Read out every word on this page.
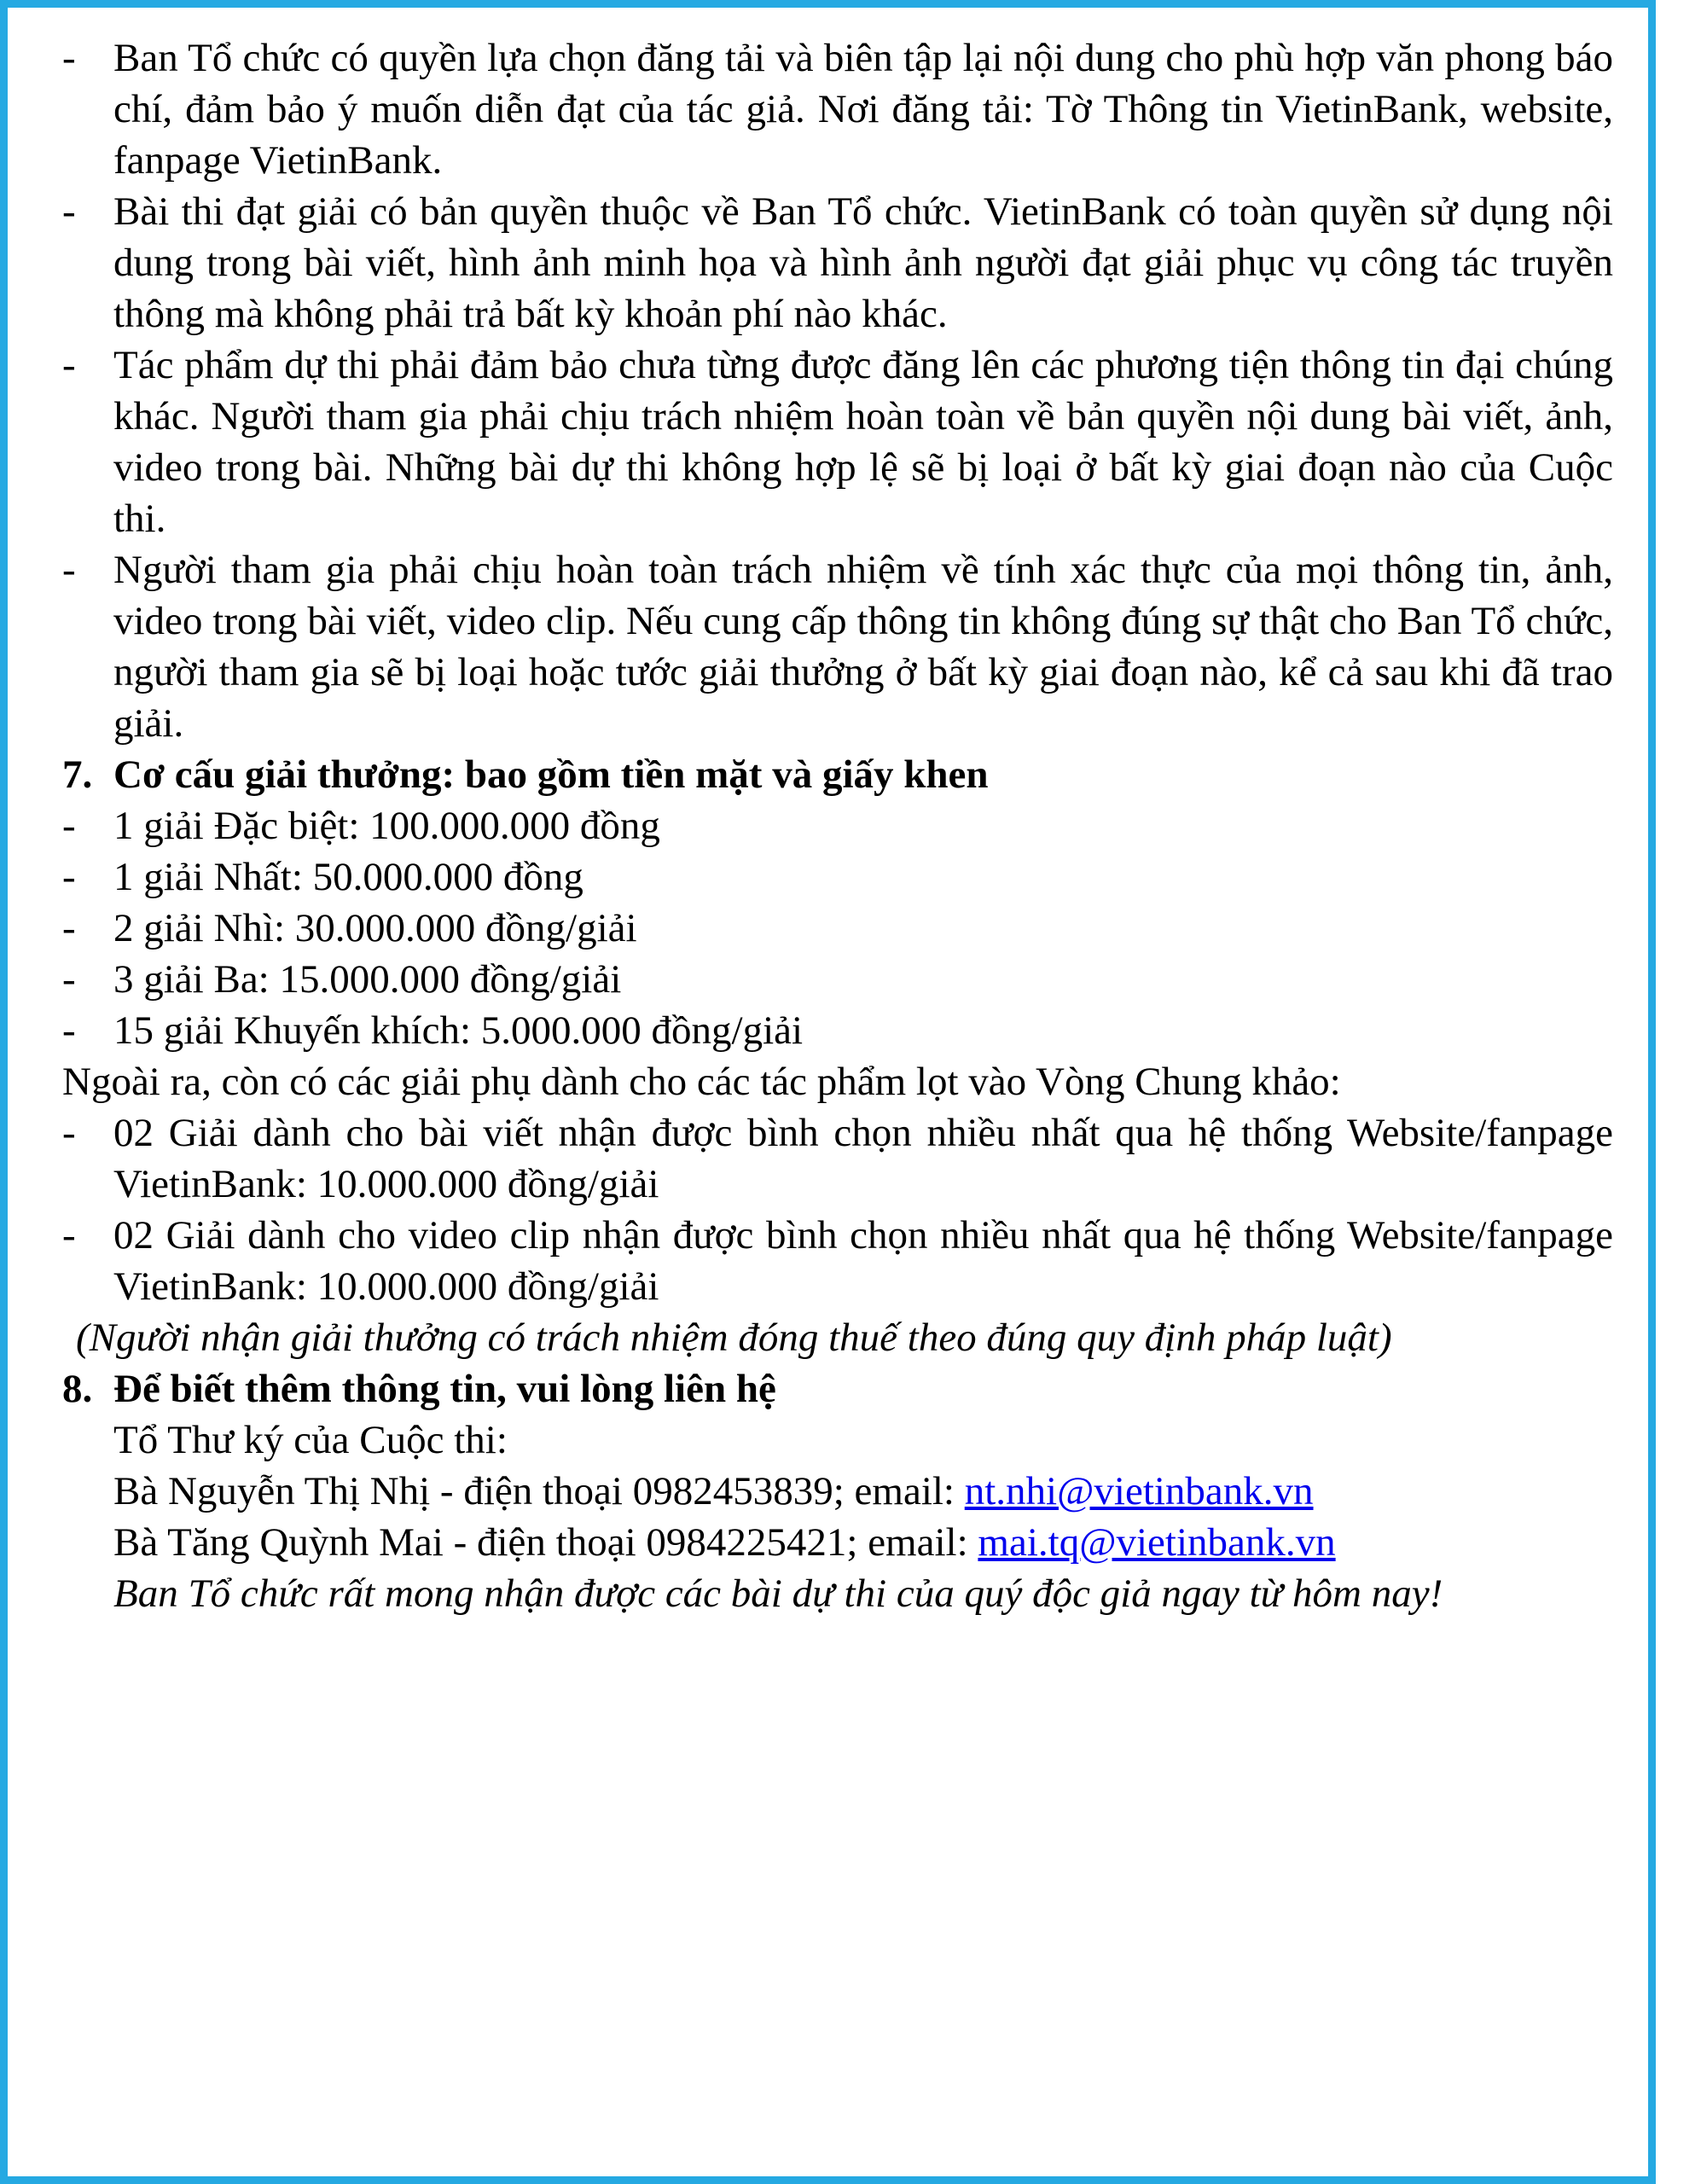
- Ban Tổ chức có quyền lựa chọn đăng tải và biên tập lại nội dung cho phù hợp văn phong báo chí, đảm bảo ý muốn diễn đạt của tác giả. Nơi đăng tải: Tờ Thông tin VietinBank, website, fanpage VietinBank.
- Bài thi đạt giải có bản quyền thuộc về Ban Tổ chức. VietinBank có toàn quyền sử dụng nội dung trong bài viết, hình ảnh minh họa và hình ảnh người đạt giải phục vụ công tác truyền thông mà không phải trả bất kỳ khoản phí nào khác.
- Tác phẩm dự thi phải đảm bảo chưa từng được đăng lên các phương tiện thông tin đại chúng khác. Người tham gia phải chịu trách nhiệm hoàn toàn về bản quyền nội dung bài viết, ảnh, video trong bài. Những bài dự thi không hợp lệ sẽ bị loại ở bất kỳ giai đoạn nào của Cuộc thi.
- Người tham gia phải chịu hoàn toàn trách nhiệm về tính xác thực của mọi thông tin, ảnh, video trong bài viết, video clip. Nếu cung cấp thông tin không đúng sự thật cho Ban Tổ chức, người tham gia sẽ bị loại hoặc tước giải thưởng ở bất kỳ giai đoạn nào, kể cả sau khi đã trao giải.
7. Cơ cấu giải thưởng: bao gồm tiền mặt và giấy khen
- 1 giải Đặc biệt: 100.000.000 đồng
- 1 giải Nhất: 50.000.000 đồng
- 2 giải Nhì: 30.000.000 đồng/giải
- 3 giải Ba: 15.000.000 đồng/giải
- 15 giải Khuyến khích: 5.000.000 đồng/giải
Ngoài ra, còn có các giải phụ dành cho các tác phẩm lọt vào Vòng Chung khảo:
- 02 Giải dành cho bài viết nhận được bình chọn nhiều nhất qua hệ thống Website/fanpage VietinBank: 10.000.000 đồng/giải
- 02 Giải dành cho video clip nhận được bình chọn nhiều nhất qua hệ thống Website/fanpage VietinBank: 10.000.000 đồng/giải
(Người nhận giải thưởng có trách nhiệm đóng thuế theo đúng quy định pháp luật)
8. Để biết thêm thông tin, vui lòng liên hệ
Tổ Thư ký của Cuộc thi:
Bà Nguyễn Thị Nhị - điện thoại 0982453839; email: nt.nhi@vietinbank.vn
Bà Tăng Quỳnh Mai - điện thoại 0984225421; email: mai.tq@vietinbank.vn
Ban Tổ chức rất mong nhận được các bài dự thi của quý độc giả ngay từ hôm nay!
